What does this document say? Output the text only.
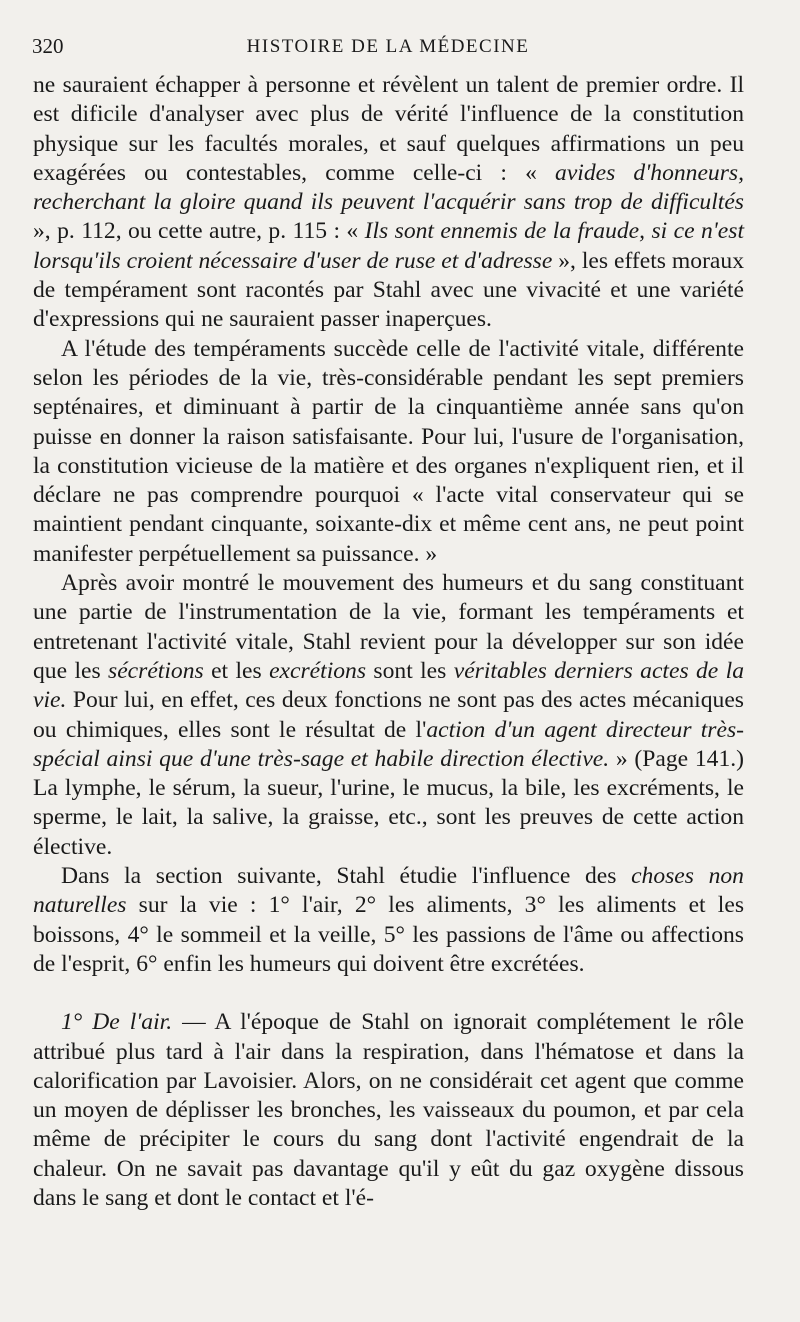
320	HISTOIRE DE LA MÉDECINE

ne sauraient échapper à personne et révèlent un talent de premier ordre. Il est dificile d'analyser avec plus de vérité l'influence de la constitution physique sur les facultés morales, et sauf quelques affirmations un peu exagérées ou contestables, comme celle-ci : « avides d'honneurs, recherchant la gloire quand ils peuvent l'acquérir sans trop de difficultés », p. 112, ou cette autre, p. 115 : « Ils sont ennemis de la fraude, si ce n'est lorsqu'ils croient nécessaire d'user de ruse et d'adresse », les effets moraux de tempérament sont racontés par Stahl avec une vivacité et une variété d'expressions qui ne sauraient passer inaperçues.

A l'étude des tempéraments succède celle de l'activité vitale, différente selon les périodes de la vie, très-considérable pendant les sept premiers septénaires, et diminuant à partir de la cinquantième année sans qu'on puisse en donner la raison satisfaisante. Pour lui, l'usure de l'organisation, la constitution vicieuse de la matière et des organes n'expliquent rien, et il déclare ne pas comprendre pourquoi « l'acte vital conservateur qui se maintient pendant cinquante, soixante-dix et même cent ans, ne peut point manifester perpétuellement sa puissance. »

Après avoir montré le mouvement des humeurs et du sang constituant une partie de l'instrumentation de la vie, formant les tempéraments et entretenant l'activité vitale, Stahl revient pour la développer sur son idée que les sécrétions et les excrétions sont les véritables derniers actes de la vie. Pour lui, en effet, ces deux fonctions ne sont pas des actes mécaniques ou chimiques, elles sont le résultat de l'action d'un agent directeur très-spécial ainsi que d'une très-sage et habile direction élective. » (Page 141.) La lymphe, le sérum, la sueur, l'urine, le mucus, la bile, les excréments, le sperme, le lait, la salive, la graisse, etc., sont les preuves de cette action élective.

Dans la section suivante, Stahl étudie l'influence des choses non naturelles sur la vie : 1° l'air, 2° les aliments, 3° les aliments et les boissons, 4° le sommeil et la veille, 5° les passions de l'âme ou affections de l'esprit, 6° enfin les humeurs qui doivent être excrétées.

1° De l'air. — A l'époque de Stahl on ignorait complétement le rôle attribué plus tard à l'air dans la respiration, dans l'hématose et dans la calorification par Lavoisier. Alors, on ne considérait cet agent que comme un moyen de déplisser les bronches, les vaisseaux du poumon, et par cela même de précipiter le cours du sang dont l'activité engendrait de la chaleur. On ne savait pas davantage qu'il y eût du gaz oxygène dissous dans le sang et dont le contact et l'é-
